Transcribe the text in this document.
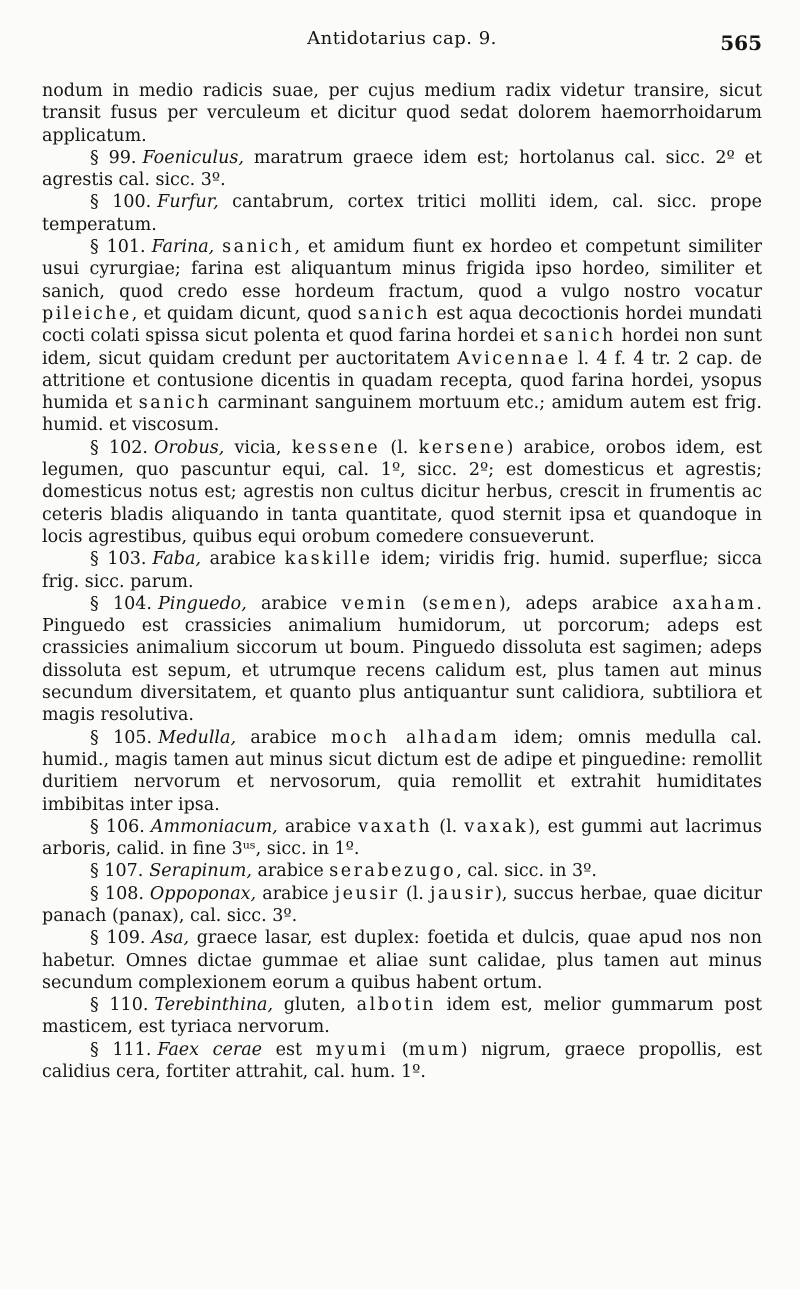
Antidotarius cap. 9.	565

nodum in medio radicis suae, per cujus medium radix videtur transire, sicut transit fusus per verculeum et dicitur quod sedat dolorem haemorrhoidarum applicatum.

§ 99. Foeniculus, maratrum graece idem est; hortolanus cal. sicc. 2º et agrestis cal. sicc. 3º.

§ 100. Furfur, cantabrum, cortex tritici molliti idem, cal. sicc. prope temperatum.

§ 101. Farina, sanich, et amidum fiunt ex hordeo et competunt similiter usui cyrurgiae; farina est aliquantum minus frigida ipso hordeo, similiter et sanich, quod credo esse hordeum fractum, quod a vulgo nostro vocatur pileiche, et quidam dicunt, quod sanich est aqua decoctionis hordei mundati cocti colati spissa sicut polenta et quod farina hordei et sanich hordei non sunt idem, sicut quidam credunt per auctoritatem Avicennae l. 4 f. 4 tr. 2 cap. de attritione et contusione dicentis in quadam recepta, quod farina hordei, ysopus humida et sanich carminant sanguinem mortuum etc.; amidum autem est frig. humid. et viscosum.

§ 102. Orobus, vicia, kessene (l. kersene) arabice, orobos idem, est legumen, quo pascuntur equi, cal. 1º, sicc. 2º; est domesticus et agrestis; domesticus notus est; agrestis non cultus dicitur herbus, crescit in frumentis ac ceteris bladis aliquando in tanta quantitate, quod sternit ipsa et quandoque in locis agrestibus, quibus equi orobum comedere consueverunt.

§ 103. Faba, arabice kaskille idem; viridis frig. humid. superflue; sicca frig. sicc. parum.

§ 104. Pinguedo, arabice vemin (semen), adeps arabice axaham. Pinguedo est crassicies animalium humidorum, ut porcorum; adeps est crassicies animalium siccorum ut boum. Pinguedo dissoluta est sagimen; adeps dissoluta est sepum, et utrumque recens calidum est, plus tamen aut minus secundum diversitatem, et quanto plus antiquantur sunt calidiora, subtiliora et magis resolutiva.

§ 105. Medulla, arabice moch alhadam idem; omnis medulla cal. humid., magis tamen aut minus sicut dictum est de adipe et pinguedine: remollit duritiem nervorum et nervosorum, quia remollit et extrahit humiditates imbibitas inter ipsa.

§ 106. Ammoniacum, arabice vaxath (l. vaxak), est gummi aut lacrimus arboris, calid. in fine 3ᵘˢ, sicc. in 1º.

§ 107. Serapinum, arabice serabezugo, cal. sicc. in 3º.

§ 108. Oppoponax, arabice jeusir (l. jausir), succus herbae, quae dicitur panach (panax), cal. sicc. 3º.

§ 109. Asa, graece lasar, est duplex: foetida et dulcis, quae apud nos non habetur. Omnes dictae gummae et aliae sunt calidae, plus tamen aut minus secundum complexionem eorum a quibus habent ortum.

§ 110. Terebinthina, gluten, albotin idem est, melior gummarum post masticem, est tyriaca nervorum.

§ 111. Faex cerae est myumi (mum) nigrum, graece propollis, est calidius cera, fortiter attrahit, cal. hum. 1º.
